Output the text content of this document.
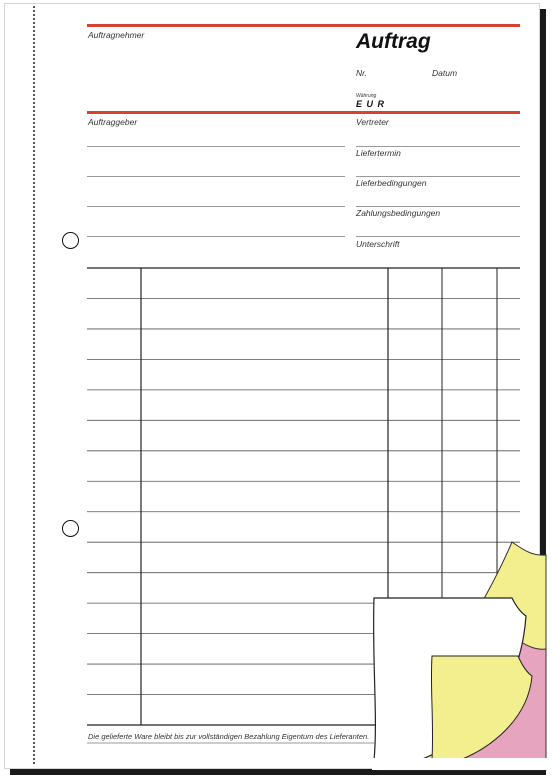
Auftragnehmer	Auftrag
Nr.	Datum
Währung
E U R
Auftraggeber	Vertreter
Liefertermin
Lieferbedingungen
Zahlungsbedingungen
Unterschrift
Die gelieferte Ware bleibt bis zur vollständigen Bezahlung Eigentum des Lieferanten.
